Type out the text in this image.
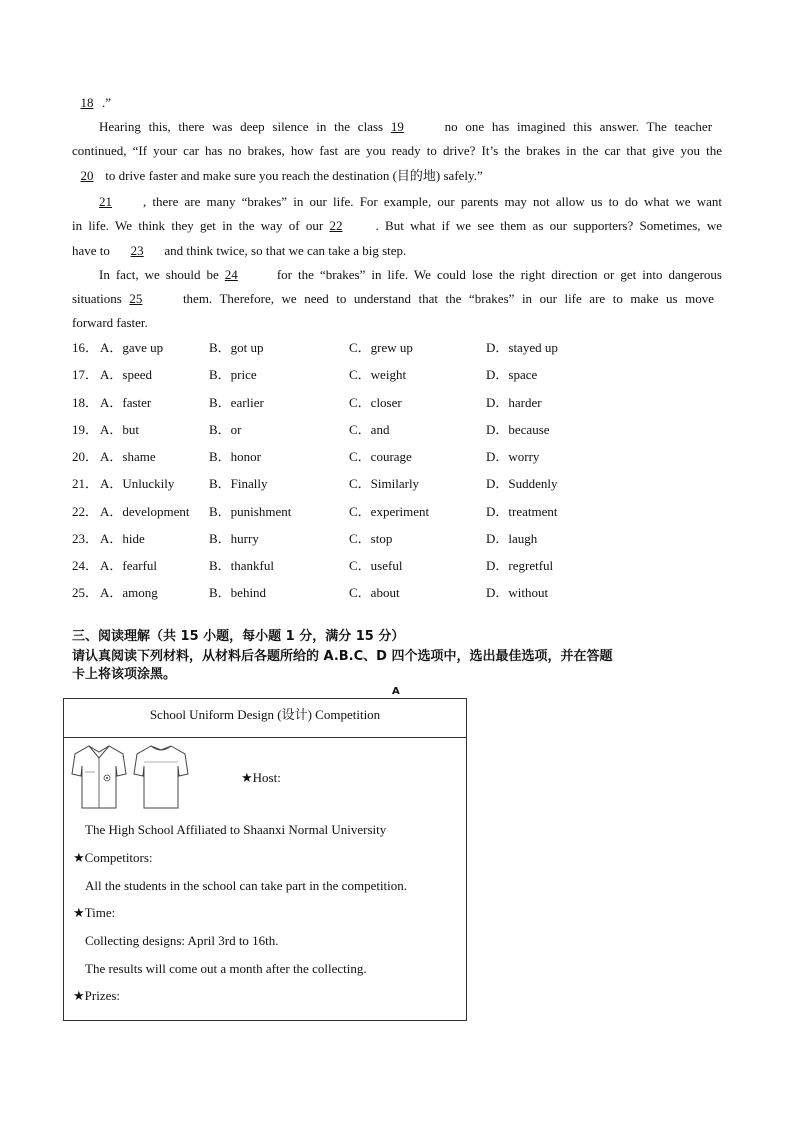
18 .”
Hearing this, there was deep silence in the class 19	no one has imagined this answer. The teacher
continued, “If your car has no brakes, how fast are you ready to drive? It’s the brakes in the car that give you the
20 to drive faster and make sure you reach the destination (目的地) safely.”
21 , there are many “brakes” in our life. For example, our parents may not allow us to do what we want
in life. We think they get in the way of our 22	. But what if we see them as our supporters? Sometimes, we
have to 23 and think twice, so that we can take a big step.
In fact, we should be 24	for the “brakes” in life. We could lose the right direction or get into dangerous
situations 25	them. Therefore, we need to understand that the “brakes” in our life are to make us move
forward faster.
16． A．gave up	B．got up	C．grew up	D．stayed up
17． A．speed	B．price	C．weight	D．space
18． A．faster	B．earlier	C．closer	D．harder
19． A．but	B．or	C．and	D．because
20． A．shame	B．honor	C．courage	D．worry
21． A．Unluckily	B．Finally	C．Similarly	D．Suddenly
22． A．development B．punishment	C．experiment	D．treatment
23． A．hide	B．hurry	C．stop	D．laugh
24． A．fearful	B．thankful	C．useful	D．regretful
25． A．among	B．behind	C．about	D．without
三、阅读理解（共 15 小题，每小题 1 分，满分 15 分）
请认真阅读下列材料，从材料后各题所给的 A.B.C、D 四个选项中，选出最佳选项，并在答题
卡上将该项涂黑。
A
School Uniform Design (设计) Competition
★Host:
The High School Affiliated to Shaanxi Normal University
★Competitors:
All the students in the school can take part in the competition.
★Time:
Collecting designs: April 3rd to 16th.
The results will come out a month after the collecting.
★Prizes:
